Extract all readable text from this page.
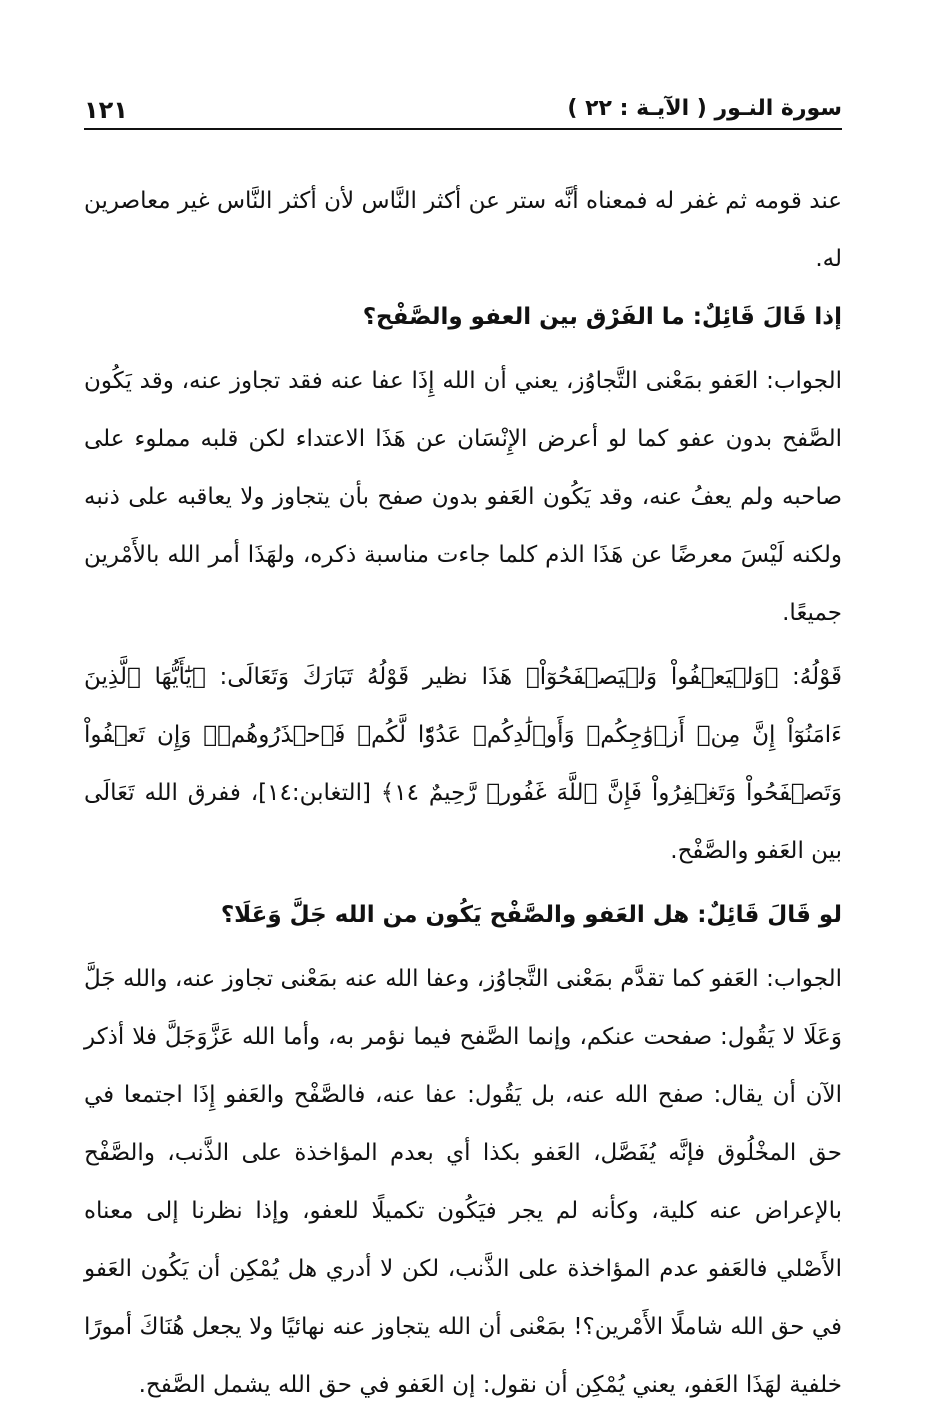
١٢١	سورة النـور ( الآيـة : ٢٢ )

عند قومه ثم غفر له فمعناه أنَّه ستر عن أكثر النَّاس لأن أكثر النَّاس غير معاصرين له.

إذا قَالَ قَائِلٌ: ما الفَرْق بين العفو والصَّفْح؟

الجواب: العَفو بمَعْنى التَّجاوُز، يعني أن الله إِذَا عفا عنه فقد تجاوز عنه، وقد يَكُون الصَّفح بدون عفو كما لو أعرض الإِنْسَان عن هَذَا الاعتداء لكن قلبه مملوء على صاحبه ولم يعفُ عنه، وقد يَكُون العَفو بدون صفح بأن يتجاوز ولا يعاقبه على ذنبه ولكنه لَيْسَ معرضًا عن هَذَا الذم كلما جاءت مناسبة ذكره، ولهَذَا أمر الله بالأَمْرين جميعًا.

قَوْلُهُ: ﴿وَلۡيَعۡفُواْ وَلۡيَصۡفَحُوٓاْ﴾ هَذَا نظير قَوْلُهُ تَبَارَكَ وَتَعَالَى: ﴿يَٰٓأَيُّهَا ٱلَّذِينَ ءَامَنُوٓاْ إِنَّ مِنۡ أَزۡوَٰجِكُمۡ وَأَوۡلَٰدِكُمۡ عَدُوّٗا لَّكُمۡ فَٱحۡذَرُوهُمۡۚ وَإِن تَعۡفُواْ وَتَصۡفَحُواْ وَتَغۡفِرُواْ فَإِنَّ ٱللَّهَ غَفُورٞ رَّحِيمٌ ١٤﴾ [التغابن:١٤]، ففرق الله تَعَالَى بين العَفو والصَّفْح.

لو قَالَ قَائِلٌ: هل العَفو والصَّفْح يَكُون من الله جَلَّ وَعَلَا؟

الجواب: العَفو كما تقدَّم بمَعْنى التَّجاوُز، وعفا الله عنه بمَعْنى تجاوز عنه، والله جَلَّ وَعَلَا لا يَقُول: صفحت عنكم، وإنما الصَّفح فيما نؤمر به، وأما الله عَزَّوَجَلَّ فلا أذكر الآن أن يقال: صفح الله عنه، بل يَقُول: عفا عنه، فالصَّفْح والعَفو إِذَا اجتمعا في حق المخْلُوق فإنَّه يُفَصَّل، العَفو بكذا أي بعدم المؤاخذة على الذَّنب، والصَّفْح بالإعراض عنه كلية، وكأنه لم يجر فيَكُون تكميلًا للعفو، وإذا نظرنا إلى معناه الأَصْلي فالعَفو عدم المؤاخذة على الذَّنب، لكن لا أدري هل يُمْكِن أن يَكُون العَفو في حق الله شاملًا الأَمْرين؟! بمَعْنى أن الله يتجاوز عنه نهائيًا ولا يجعل هُنَاكَ أمورًا خلفية لهَذَا العَفو، يعني يُمْكِن أن نقول: إن العَفو في حق الله يشمل الصَّفح.
